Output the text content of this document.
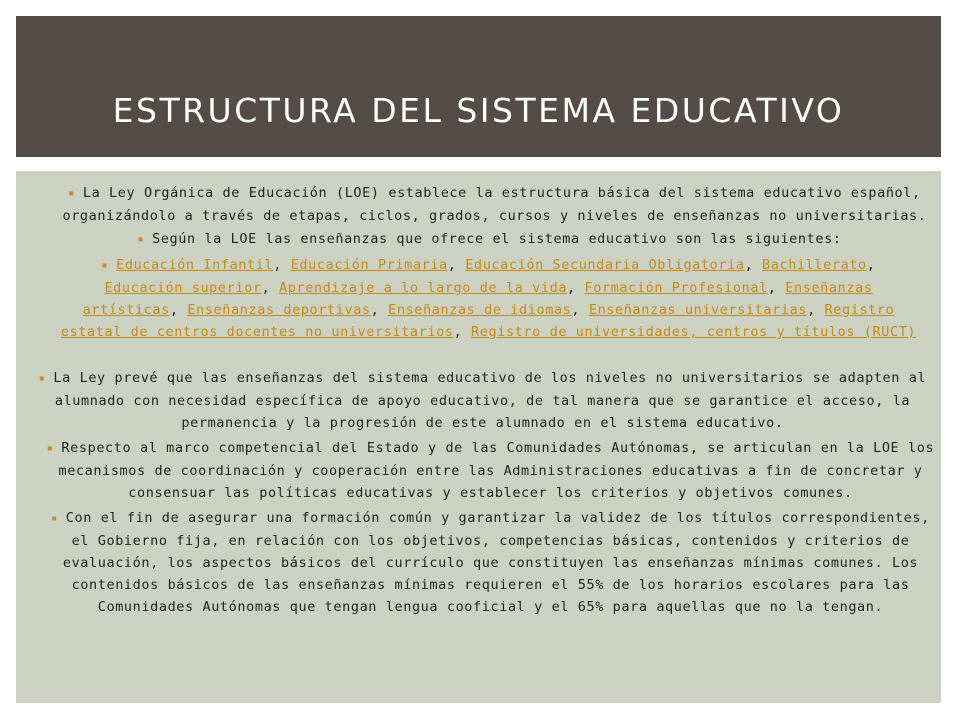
ESTRUCTURA DEL SISTEMA EDUCATIVO

▪ La Ley Orgánica de Educación (LOE) establece la estructura básica del sistema educativo español, organizándolo a través de etapas, ciclos, grados, cursos y niveles de enseñanzas no universitarias.

▪ Según la LOE las enseñanzas que ofrece el sistema educativo son las siguientes:

▪ Educación Infantil, Educación Primaria, Educación Secundaria Obligatoria, Bachillerato, Educación superior, Aprendizaje a lo largo de la vida, Formación Profesional, Enseñanzas artísticas, Enseñanzas deportivas, Enseñanzas de idiomas, Enseñanzas universitarias, Registro estatal de centros docentes no universitarios, Registro de universidades, centros y títulos (RUCT)

▪ La Ley prevé que las enseñanzas del sistema educativo de los niveles no universitarios se adapten al alumnado con necesidad específica de apoyo educativo, de tal manera que se garantice el acceso, la permanencia y la progresión de este alumnado en el sistema educativo.

▪ Respecto al marco competencial del Estado y de las Comunidades Autónomas, se articulan en la LOE los mecanismos de coordinación y cooperación entre las Administraciones educativas a fin de concretar y consensuar las políticas educativas y establecer los criterios y objetivos comunes.

▪ Con el fin de asegurar una formación común y garantizar la validez de los títulos correspondientes, el Gobierno fija, en relación con los objetivos, competencias básicas, contenidos y criterios de evaluación, los aspectos básicos del currículo que constituyen las enseñanzas mínimas comunes. Los contenidos básicos de las enseñanzas mínimas requieren el 55% de los horarios escolares para las Comunidades Autónomas que tengan lengua cooficial y el 65% para aquellas que no la tengan.
